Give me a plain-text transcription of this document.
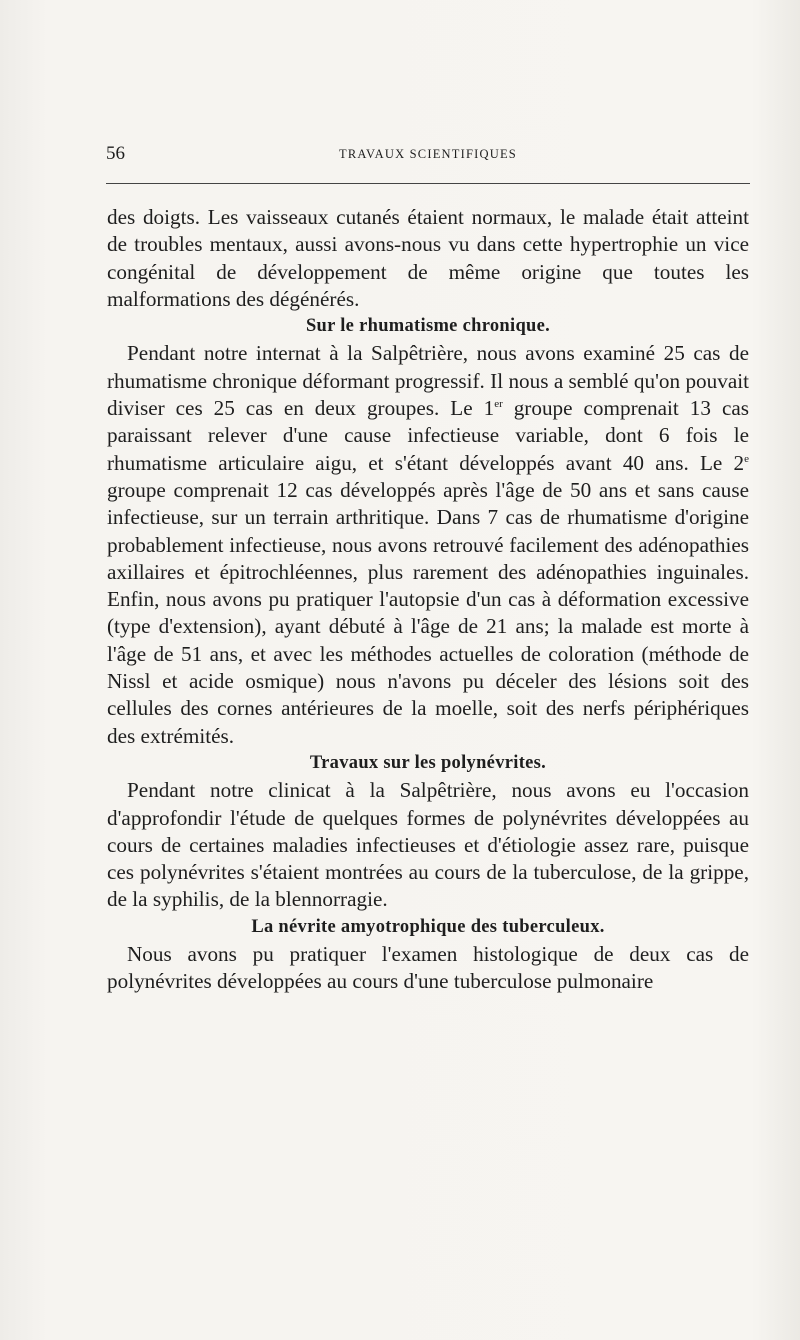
56	TRAVAUX SCIENTIFIQUES

des doigts. Les vaisseaux cutanés étaient normaux, le malade était atteint de troubles mentaux, aussi avons-nous vu dans cette hypertrophie un vice congénital de développement de même origine que toutes les malformations des dégénérés.

Sur le rhumatisme chronique.

Pendant notre internat à la Salpêtrière, nous avons examiné 25 cas de rhumatisme chronique déformant progressif. Il nous a semblé qu'on pouvait diviser ces 25 cas en deux groupes. Le 1er groupe comprenait 13 cas paraissant relever d'une cause infectieuse variable, dont 6 fois le rhumatisme articulaire aigu, et s'étant développés avant 40 ans. Le 2e groupe comprenait 12 cas développés après l'âge de 50 ans et sans cause infectieuse, sur un terrain arthritique. Dans 7 cas de rhumatisme d'origine probablement infectieuse, nous avons retrouvé facilement des adénopathies axillaires et épitrochléennes, plus rarement des adénopathies inguinales. Enfin, nous avons pu pratiquer l'autopsie d'un cas à déformation excessive (type d'extension), ayant débuté à l'âge de 21 ans; la malade est morte à l'âge de 51 ans, et avec les méthodes actuelles de coloration (méthode de Nissl et acide osmique) nous n'avons pu déceler des lésions soit des cellules des cornes antérieures de la moelle, soit des nerfs périphériques des extrémités.

Travaux sur les polynévrites.

Pendant notre clinicat à la Salpêtrière, nous avons eu l'occasion d'approfondir l'étude de quelques formes de polynévrites développées au cours de certaines maladies infectieuses et d'étiologie assez rare, puisque ces polynévrites s'étaient montrées au cours de la tuberculose, de la grippe, de la syphilis, de la blennorragie.

La névrite amyotrophique des tuberculeux.

Nous avons pu pratiquer l'examen histologique de deux cas de polynévrites développées au cours d'une tuberculose pulmonaire
